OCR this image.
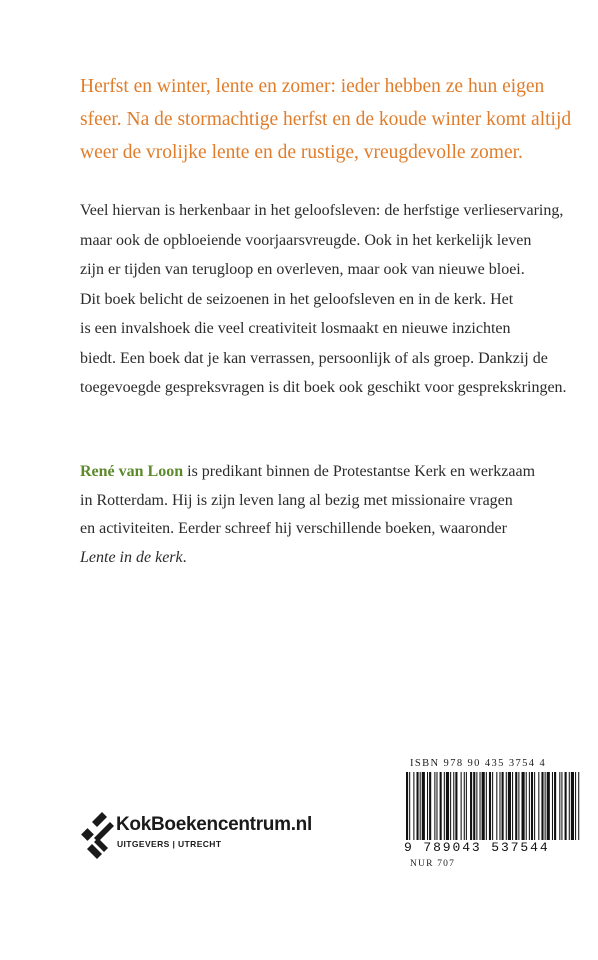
Herfst en winter, lente en zomer: ieder hebben ze hun eigen
sfeer. Na de stormachtige herfst en de koude winter komt altijd
weer de vrolijke lente en de rustige, vreugdevolle zomer.

Veel hiervan is herkenbaar in het geloofsleven: de herfstige verlieservaring,
maar ook de opbloeiende voorjaarsvreugde. Ook in het kerkelijk leven
zijn er tijden van terugloop en overleven, maar ook van nieuwe bloei.
Dit boek belicht de seizoenen in het geloofsleven en in de kerk. Het
is een invalshoek die veel creativiteit losmaakt en nieuwe inzichten
biedt. Een boek dat je kan verrassen, persoonlijk of als groep. Dankzij de
toegevoegde gespreksvragen is dit boek ook geschikt voor gesprekskringen.

René van Loon is predikant binnen de Protestantse Kerk en werkzaam
in Rotterdam. Hij is zijn leven lang al bezig met missionaire vragen
en activiteiten. Eerder schreef hij verschillende boeken, waaronder
Lente in de kerk.

KokBoekencentrum.nl
UITGEVERS | UTRECHT
ISBN 978 90 435 3754 4
9 789043 537544
NUR 707
